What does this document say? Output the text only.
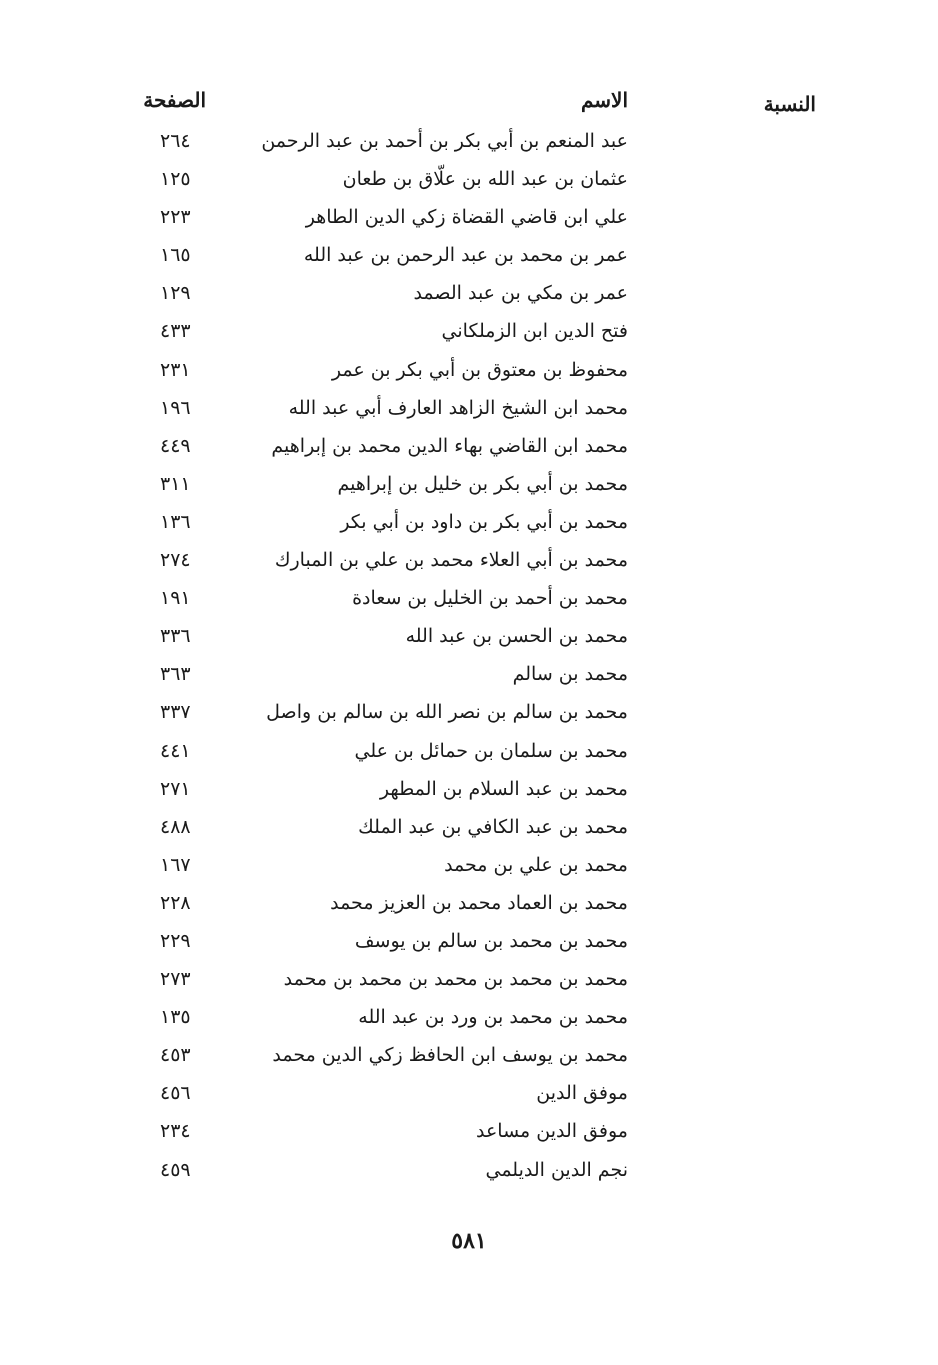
النسبة
الاسم
الصفحة
عبد المنعم بن أبي بكر بن أحمد بن عبد الرحمن
٢٦٤
عثمان بن عبد الله بن علّاق بن طعان
١٢٥
علي ابن قاضي القضاة زكي الدين الطاهر
٢٢٣
عمر بن محمد بن عبد الرحمن بن عبد الله
١٦٥
عمر بن مكي بن عبد الصمد
١٢٩
فتح الدين ابن الزملكاني
٤٣٣
محفوظ بن معتوق بن أبي بكر بن عمر
٢٣١
محمد ابن الشيخ الزاهد العارف أبي عبد الله
١٩٦
محمد ابن القاضي بهاء الدين محمد بن إبراهيم
٤٤٩
محمد بن أبي بكر بن خليل بن إبراهيم
٣١١
محمد بن أبي بكر بن داود بن أبي بكر
١٣٦
محمد بن أبي العلاء محمد بن علي بن المبارك
٢٧٤
محمد بن أحمد بن الخليل بن سعادة
١٩١
محمد بن الحسن بن عبد الله
٣٣٦
محمد بن سالم
٣٦٣
محمد بن سالم بن نصر الله بن سالم بن واصل
٣٣٧
محمد بن سلمان بن حمائل بن علي
٤٤١
محمد بن عبد السلام بن المطهر
٢٧١
محمد بن عبد الكافي بن عبد الملك
٤٨٨
محمد بن علي بن محمد
١٦٧
محمد بن العماد محمد بن العزيز محمد
٢٢٨
محمد بن محمد بن سالم بن يوسف
٢٢٩
محمد بن محمد بن محمد بن محمد بن محمد
٢٧٣
محمد بن محمد بن ورد بن عبد الله
١٣٥
محمد بن يوسف ابن الحافظ زكي الدين محمد
٤٥٣
موفق الدين
٤٥٦
موفق الدين مساعد
٢٣٤
نجم الدين الديلمي
٤٥٩
٥٨١
